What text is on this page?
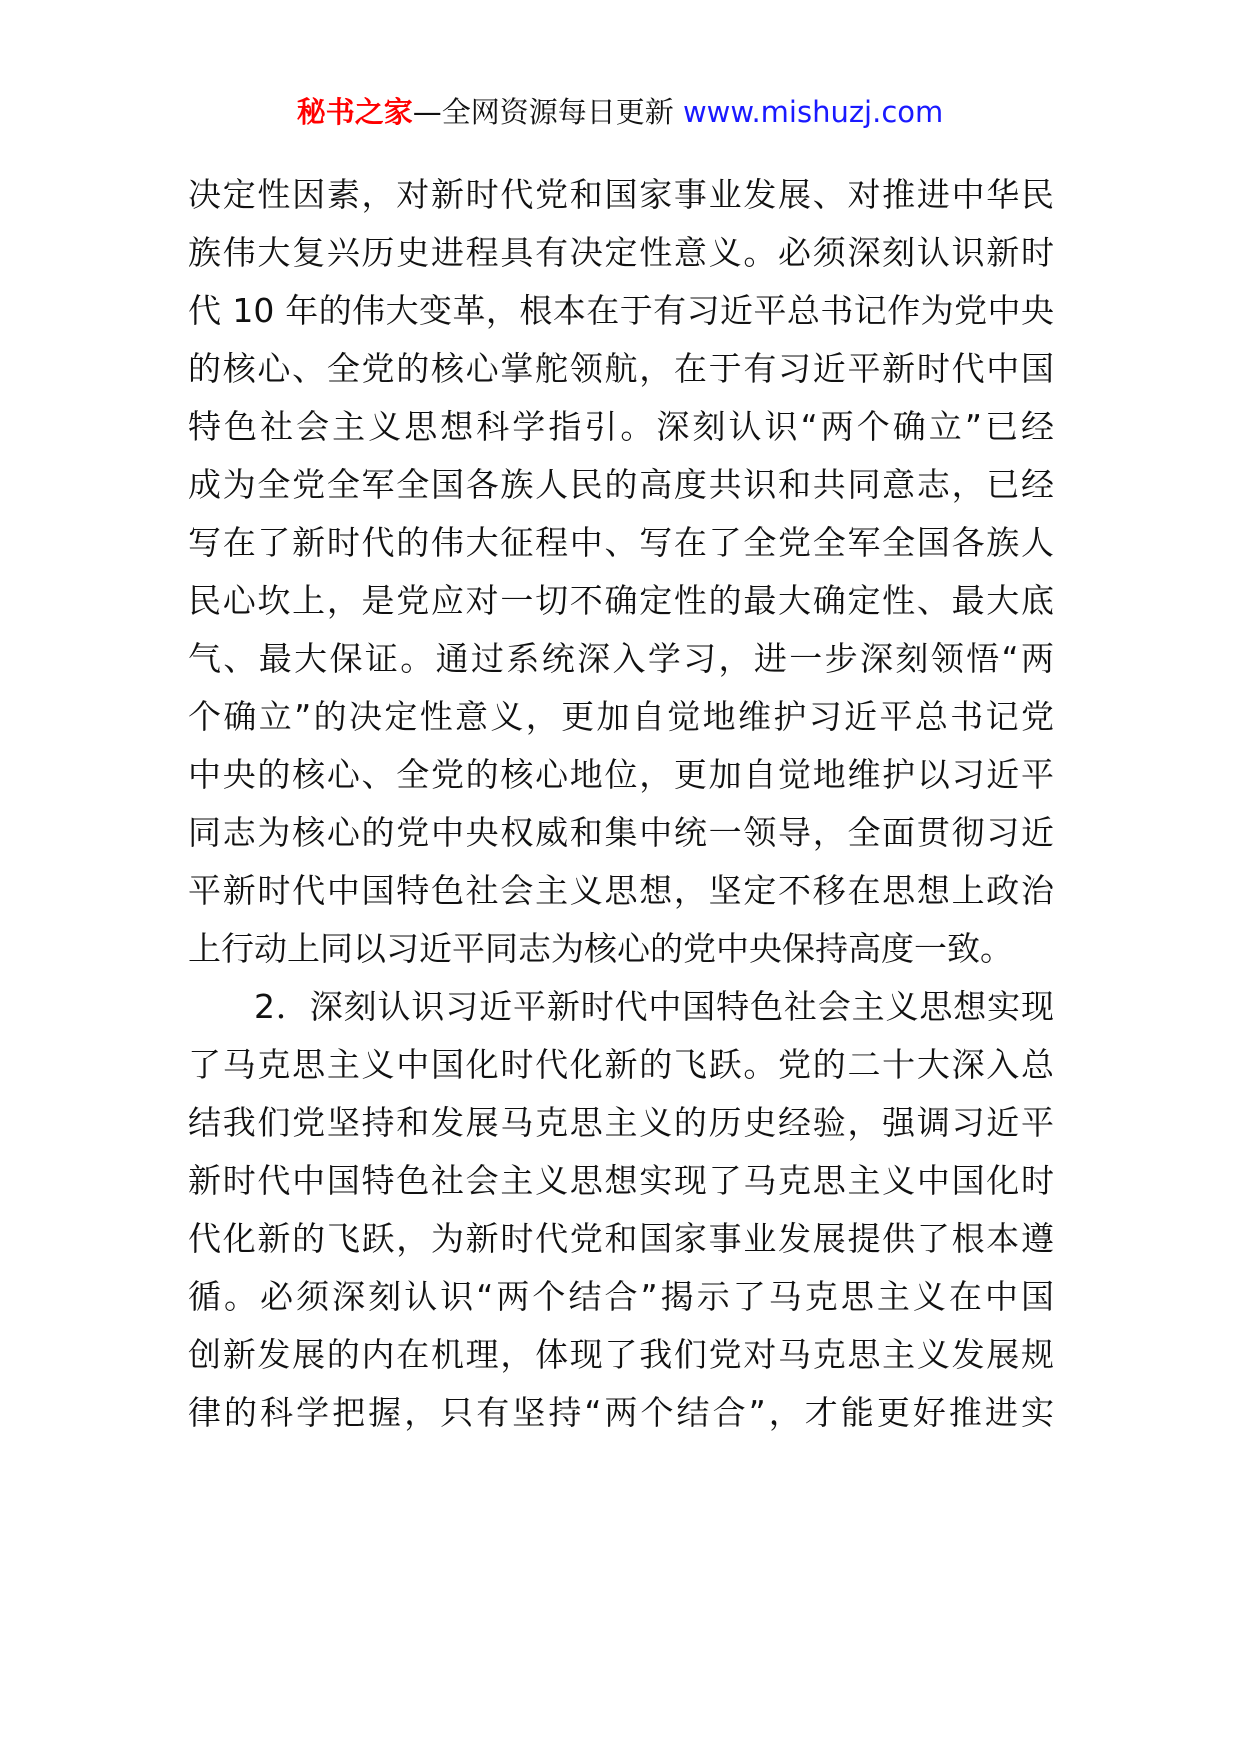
秘书之家—全网资源每日更新 www.mishuzj.com
决定性因素，对新时代党和国家事业发展、对推进中华民
族伟大复兴历史进程具有决定性意义。必须深刻认识新时
代 10 年的伟大变革，根本在于有习近平总书记作为党中央
的核心、全党的核心掌舵领航，在于有习近平新时代中国
特色社会主义思想科学指引。深刻认识“两个确立”已经
成为全党全军全国各族人民的高度共识和共同意志，已经
写在了新时代的伟大征程中、写在了全党全军全国各族人
民心坎上，是党应对一切不确定性的最大确定性、最大底
气、最大保证。通过系统深入学习，进一步深刻领悟“两
个确立”的决定性意义，更加自觉地维护习近平总书记党
中央的核心、全党的核心地位，更加自觉地维护以习近平
同志为核心的党中央权威和集中统一领导，全面贯彻习近
平新时代中国特色社会主义思想，坚定不移在思想上政治
上行动上同以习近平同志为核心的党中央保持高度一致。
2．深刻认识习近平新时代中国特色社会主义思想实现
了马克思主义中国化时代化新的飞跃。党的二十大深入总
结我们党坚持和发展马克思主义的历史经验，强调习近平
新时代中国特色社会主义思想实现了马克思主义中国化时
代化新的飞跃，为新时代党和国家事业发展提供了根本遵
循。必须深刻认识“两个结合”揭示了马克思主义在中国
创新发展的内在机理，体现了我们党对马克思主义发展规
律的科学把握，只有坚持“两个结合”，才能更好推进实
